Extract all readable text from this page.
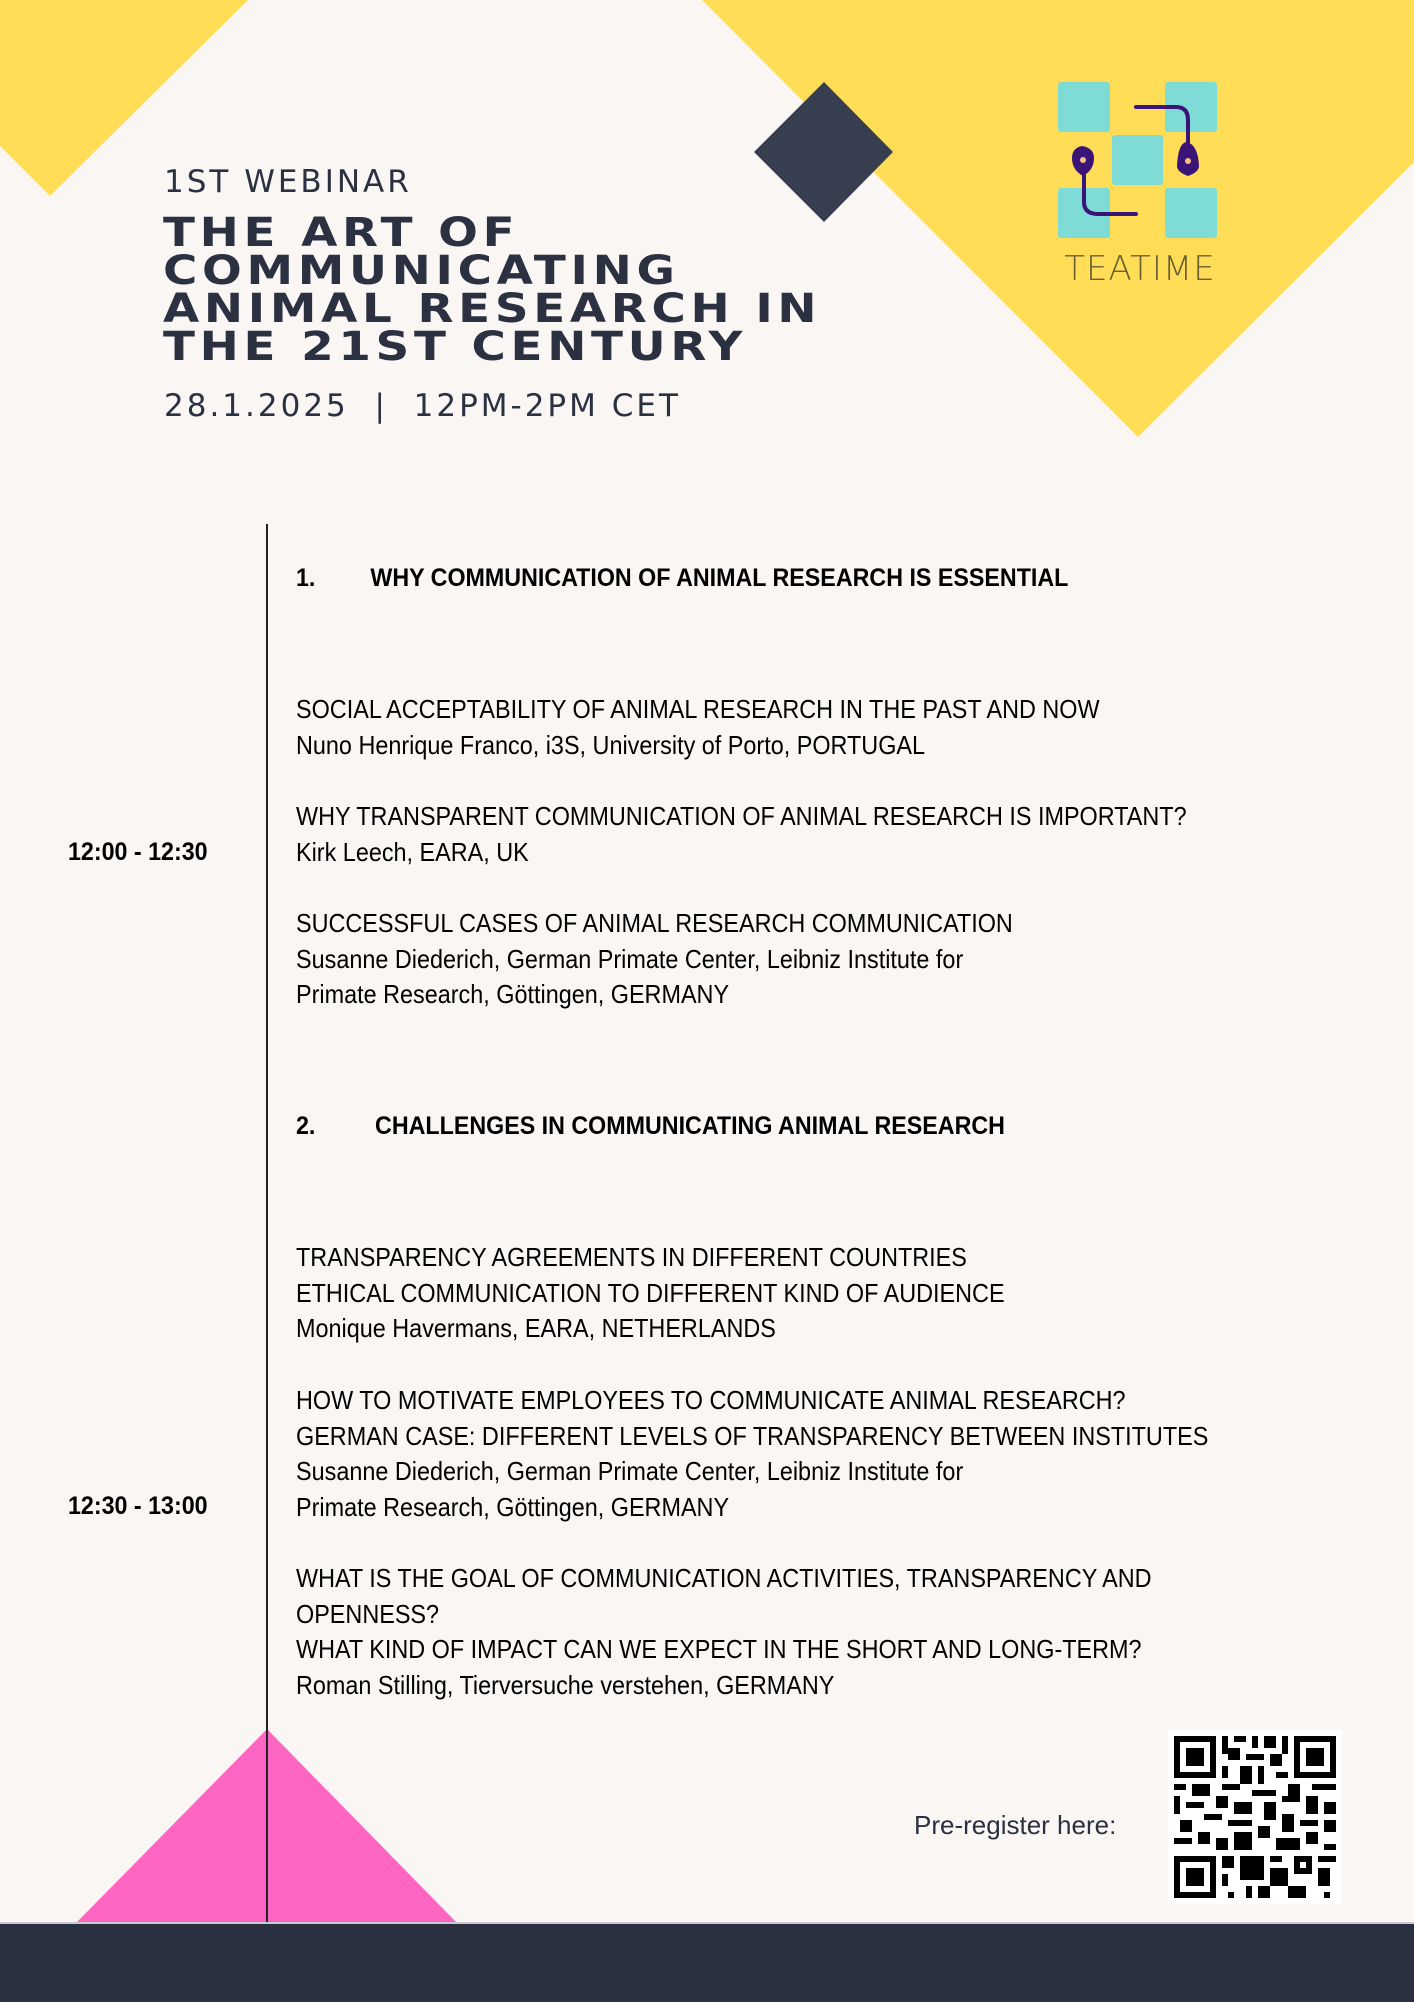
1ST WEBINAR
THE ART OF
COMMUNICATING
ANIMAL RESEARCH IN
THE 21ST CENTURY
28.1.2025  |  12PM-2PM CET
TEATIME
1. WHY COMMUNICATION OF ANIMAL RESEARCH IS ESSENTIAL
12:00 - 12:30
SOCIAL ACCEPTABILITY OF ANIMAL RESEARCH IN THE PAST AND NOW
Nuno Henrique Franco, i3S, University of Porto, PORTUGAL
WHY TRANSPARENT COMMUNICATION OF ANIMAL RESEARCH IS IMPORTANT?
Kirk Leech, EARA, UK
SUCCESSFUL CASES OF ANIMAL RESEARCH COMMUNICATION
Susanne Diederich, German Primate Center, Leibniz Institute for
Primate Research, Göttingen, GERMANY
2. CHALLENGES IN COMMUNICATING ANIMAL RESEARCH
12:30 - 13:00
TRANSPARENCY AGREEMENTS IN DIFFERENT COUNTRIES
ETHICAL COMMUNICATION TO DIFFERENT KIND OF AUDIENCE
Monique Havermans, EARA, NETHERLANDS
HOW TO MOTIVATE EMPLOYEES TO COMMUNICATE ANIMAL RESEARCH?
GERMAN CASE: DIFFERENT LEVELS OF TRANSPARENCY BETWEEN INSTITUTES
Susanne Diederich, German Primate Center, Leibniz Institute for
Primate Research, Göttingen, GERMANY
WHAT IS THE GOAL OF COMMUNICATION ACTIVITIES, TRANSPARENCY AND
OPENNESS?
WHAT KIND OF IMPACT CAN WE EXPECT IN THE SHORT AND LONG-TERM?
Roman Stilling, Tierversuche verstehen, GERMANY
Pre-register here:
